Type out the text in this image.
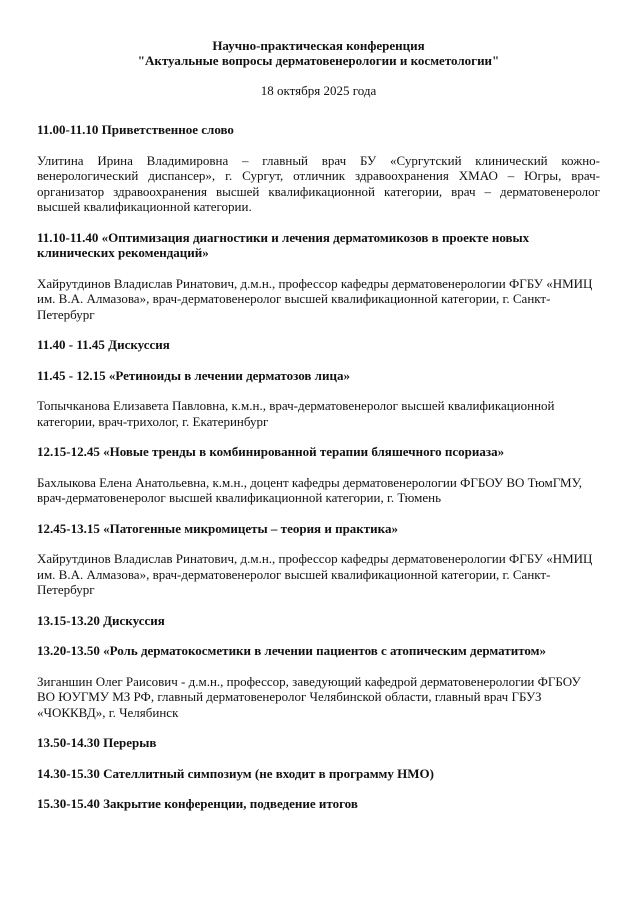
Научно-практическая конференция

"Актуальные вопросы дерматовенерологии и косметологии"

18 октября 2025 года

11.00-11.10 Приветственное слово

Улитина Ирина Владимировна – главный врач БУ «Сургутский клинический кожно-венерологический диспансер», г. Сургут, отличник здравоохранения ХМАО – Югры, врач-организатор здравоохранения высшей квалификационной категории, врач – дерматовенеролог высшей квалификационной категории.

11.10-11.40 «Оптимизация диагностики и лечения дерматомикозов в проекте новых клинических рекомендаций»

Хайрутдинов Владислав Ринатович, д.м.н., профессор кафедры дерматовенерологии ФГБУ «НМИЦ им. В.А. Алмазова», врач-дерматовенеролог высшей квалификационной категории, г. Санкт-Петербург

11.40 - 11.45 Дискуссия

11.45 - 12.15 «Ретиноиды в лечении дерматозов лица»

Топычканова Елизавета Павловна, к.м.н., врач-дерматовенеролог высшей квалификационной категории, врач-трихолог, г. Екатеринбург

12.15-12.45 «Новые тренды в комбинированной терапии бляшечного псориаза»

Бахлыкова Елена Анатольевна, к.м.н., доцент кафедры дерматовенерологии ФГБОУ ВО ТюмГМУ, врач-дерматовенеролог высшей квалификационной категории, г. Тюмень

12.45-13.15 «Патогенные микромицеты – теория и практика»

Хайрутдинов Владислав Ринатович, д.м.н., профессор кафедры дерматовенерологии ФГБУ «НМИЦ им. В.А. Алмазова», врач-дерматовенеролог высшей квалификационной категории, г. Санкт-Петербург

13.15-13.20 Дискуссия

13.20-13.50 «Роль дерматокосметики в лечении пациентов с атопическим дерматитом»

Зиганшин Олег Раисович - д.м.н., профессор, заведующий кафедрой дерматовенерологии ФГБОУ ВО ЮУГМУ МЗ РФ, главный дерматовенеролог Челябинской области, главный врач ГБУЗ «ЧОККВД», г. Челябинск

13.50-14.30 Перерыв

14.30-15.30 Сателлитный симпозиум (не входит в программу НМО)

15.30-15.40 Закрытие конференции, подведение итогов
